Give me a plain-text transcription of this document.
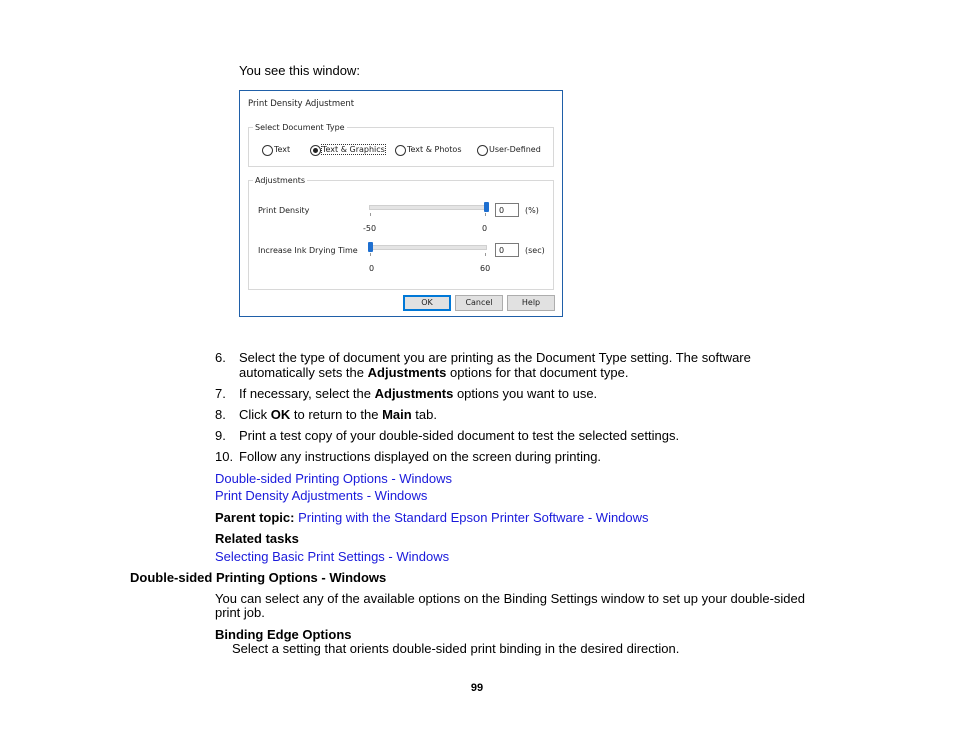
You see this window:
Print Density Adjustment
Select Document Type
Text	Text & Graphics	Text & Photos	User-Defined
Adjustments
Print Density
-50	0
0	(%)
Increase Ink Drying Time
0	60
0	(sec)
OK	Cancel	Help
6. Select the type of document you are printing as the Document Type setting. The software
automatically sets the Adjustments options for that document type.
7. If necessary, select the Adjustments options you want to use.
8. Click OK to return to the Main tab.
9. Print a test copy of your double-sided document to test the selected settings.
10. Follow any instructions displayed on the screen during printing.
Double-sided Printing Options - Windows
Print Density Adjustments - Windows
Parent topic: Printing with the Standard Epson Printer Software - Windows
Related tasks
Selecting Basic Print Settings - Windows
Double-sided Printing Options - Windows
You can select any of the available options on the Binding Settings window to set up your double-sided
print job.
Binding Edge Options
Select a setting that orients double-sided print binding in the desired direction.
99
